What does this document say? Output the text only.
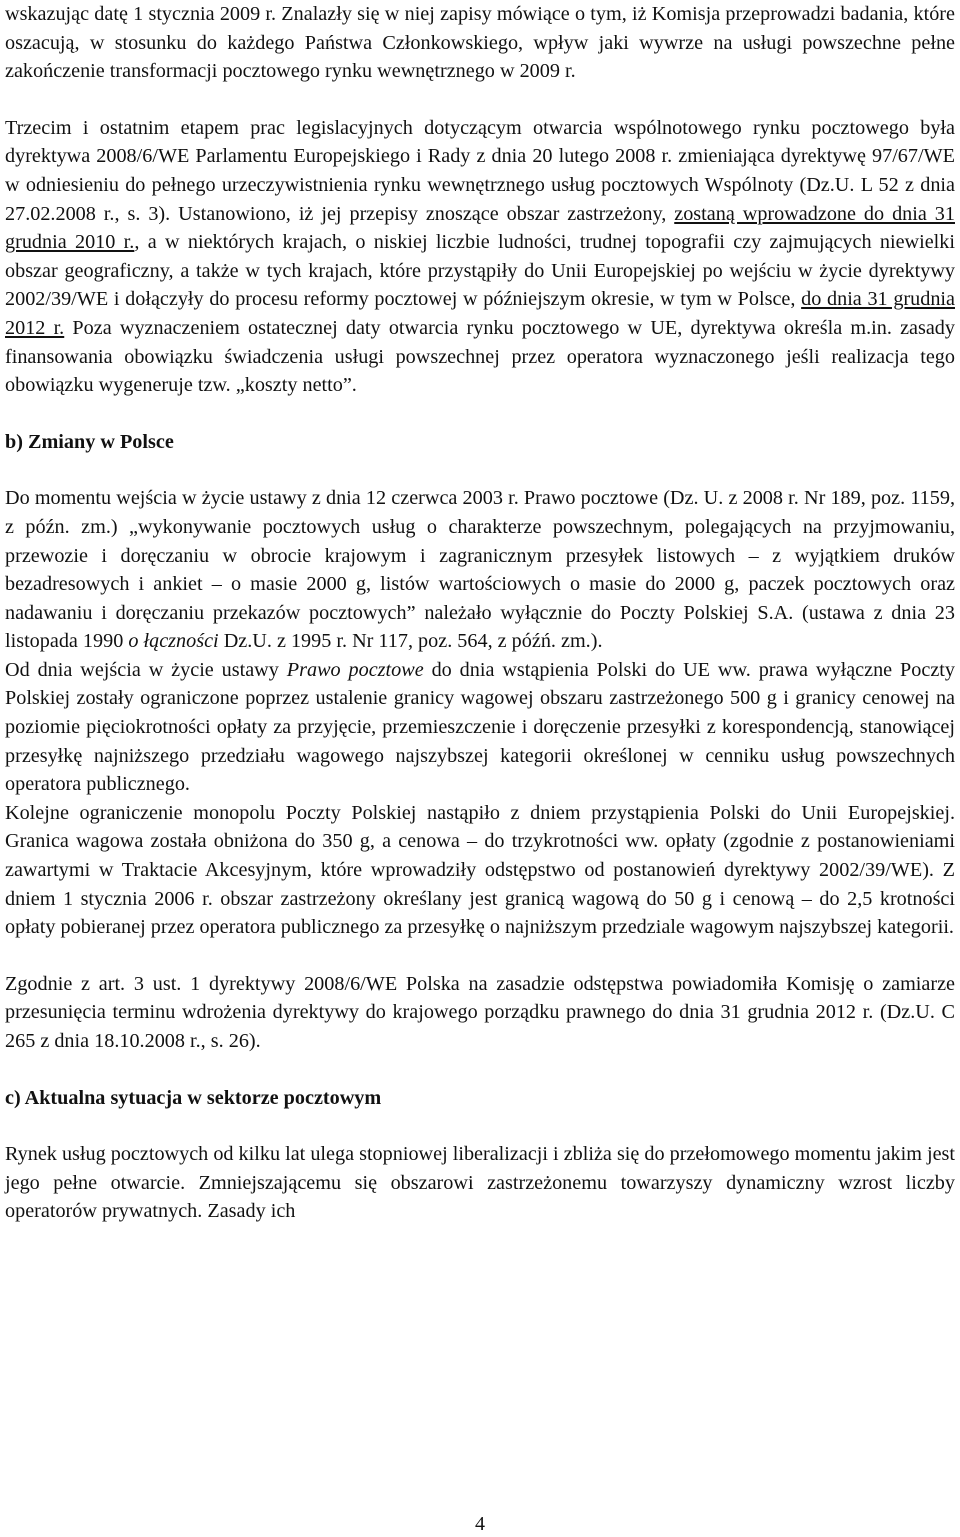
wskazując datę 1 stycznia 2009 r. Znalazły się w niej zapisy mówiące o tym, iż Komisja przeprowadzi badania, które oszacują, w stosunku do każdego Państwa Członkowskiego, wpływ jaki wywrze na usługi powszechne pełne zakończenie transformacji pocztowego rynku wewnętrznego w 2009 r.

Trzecim i ostatnim etapem prac legislacyjnych dotyczącym otwarcia wspólnotowego rynku pocztowego była dyrektywa 2008/6/WE Parlamentu Europejskiego i Rady z dnia 20 lutego 2008 r. zmieniająca dyrektywę 97/67/WE w odniesieniu do pełnego urzeczywistnienia rynku wewnętrznego usług pocztowych Wspólnoty (Dz.U. L 52 z dnia 27.02.2008 r., s. 3). Ustanowiono, iż jej przepisy znoszące obszar zastrzeżony, zostaną wprowadzone do dnia 31 grudnia 2010 r., a w niektórych krajach, o niskiej liczbie ludności, trudnej topografii czy zajmujących niewielki obszar geograficzny, a także w tych krajach, które przystąpiły do Unii Europejskiej po wejściu w życie dyrektywy 2002/39/WE i dołączyły do procesu reformy pocztowej w późniejszym okresie, w tym w Polsce, do dnia 31 grudnia 2012 r. Poza wyznaczeniem ostatecznej daty otwarcia rynku pocztowego w UE, dyrektywa określa m.in. zasady finansowania obowiązku świadczenia usługi powszechnej przez operatora wyznaczonego jeśli realizacja tego obowiązku wygeneruje tzw. „koszty netto”.

b) Zmiany w Polsce

Do momentu wejścia w życie ustawy z dnia 12 czerwca 2003 r. Prawo pocztowe (Dz. U. z 2008 r. Nr 189, poz. 1159, z późn. zm.) „wykonywanie pocztowych usług o charakterze powszechnym, polegających na przyjmowaniu, przewozie i doręczaniu w obrocie krajowym i zagranicznym przesyłek listowych – z wyjątkiem druków bezadresowych i ankiet – o masie 2000 g, listów wartościowych o masie do 2000 g, paczek pocztowych oraz nadawaniu i doręczaniu przekazów pocztowych” należało wyłącznie do Poczty Polskiej S.A. (ustawa z dnia 23 listopada 1990 o łączności Dz.U. z 1995 r. Nr 117, poz. 564, z późń. zm.).

Od dnia wejścia w życie ustawy Prawo pocztowe do dnia wstąpienia Polski do UE ww. prawa wyłączne Poczty Polskiej zostały ograniczone poprzez ustalenie granicy wagowej obszaru zastrzeżonego 500 g i granicy cenowej na poziomie pięciokrotności opłaty za przyjęcie, przemieszczenie i doręczenie przesyłki z korespondencją, stanowiącej przesyłkę najniższego przedziału wagowego najszybszej kategorii określonej w cenniku usług powszechnych operatora publicznego.

Kolejne ograniczenie monopolu Poczty Polskiej nastąpiło z dniem przystąpienia Polski do Unii Europejskiej. Granica wagowa została obniżona do 350 g, a cenowa – do trzykrotności ww. opłaty (zgodnie z postanowieniami zawartymi w Traktacie Akcesyjnym, które wprowadziły odstępstwo od postanowień dyrektywy 2002/39/WE). Z dniem 1 stycznia 2006 r. obszar zastrzeżony określany jest granicą wagową do 50 g i cenową – do 2,5 krotności opłaty pobieranej przez operatora publicznego za przesyłkę o najniższym przedziale wagowym najszybszej kategorii.

Zgodnie z art. 3 ust. 1 dyrektywy 2008/6/WE Polska na zasadzie odstępstwa powiadomiła Komisję o zamiarze przesunięcia terminu wdrożenia dyrektywy do krajowego porządku prawnego do dnia 31 grudnia 2012 r. (Dz.U. C 265 z dnia 18.10.2008 r., s. 26).

c) Aktualna sytuacja w sektorze pocztowym

Rynek usług pocztowych od kilku lat ulega stopniowej liberalizacji i zbliża się do przełomowego momentu jakim jest jego pełne otwarcie. Zmniejszającemu się obszarowi zastrzeżonemu towarzyszy dynamiczny wzrost liczby operatorów prywatnych. Zasady ich

4
